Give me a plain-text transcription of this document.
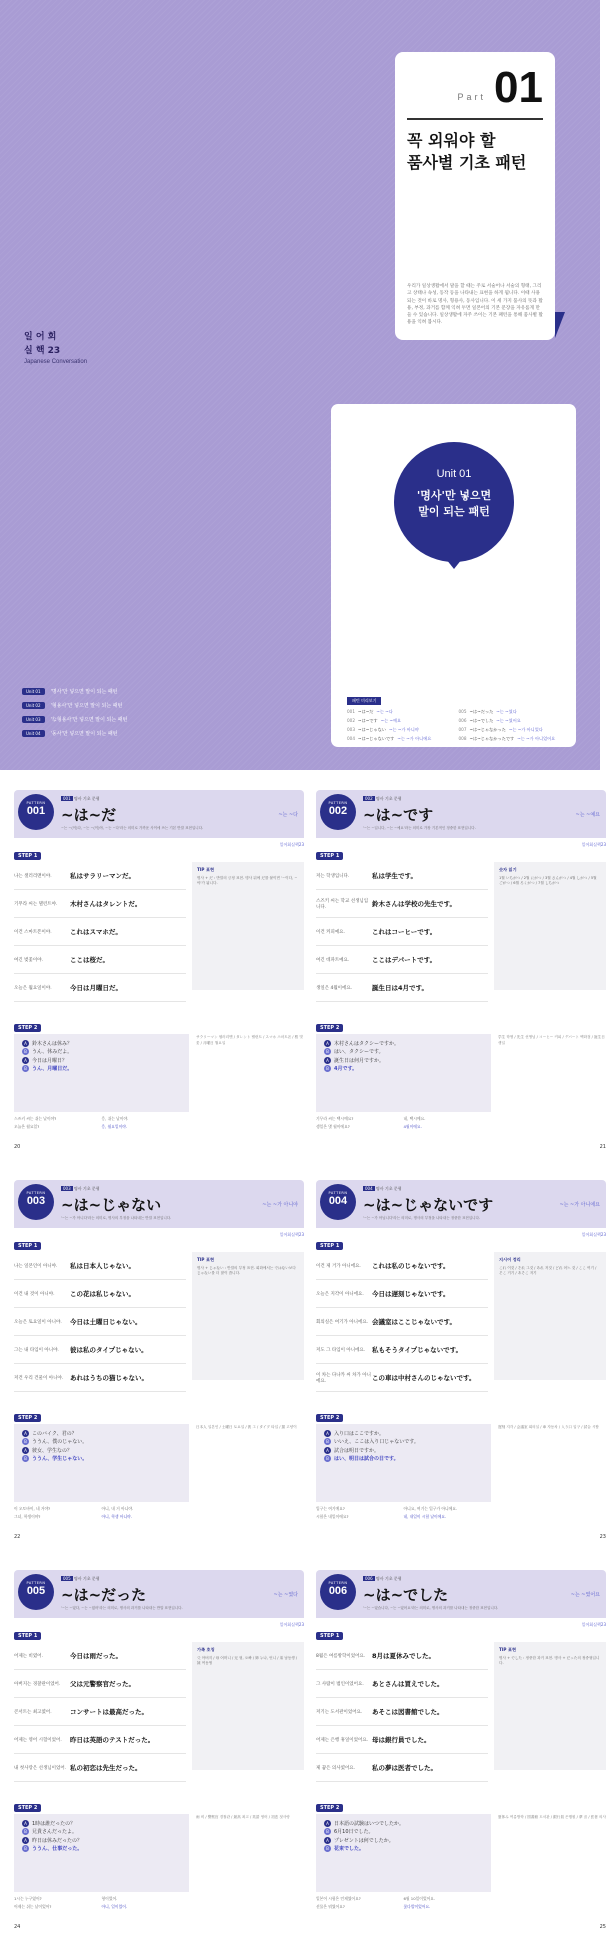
Part 01
꼭 외워야 할
품사별 기초 패턴
우리가 일상생활에서 말을 할 때는 주로 서술어나 서술의 형태, 그리고 상태나 속성, 동작 등을 나타내는 표현을 하게 됩니다. 이때 사용되는 것이 바로 명사, 형용사, 동사입니다. 이 세 가지 품사의 뜻과 활용, 부정, 과거를 함께 익혀 두면 일본어의 기본 문장을 자유롭게 만들 수 있습니다. 일상생활에 자주 쓰이는 기본 패턴을 통해 품사별 활용을 익혀 봅시다.
일 어 회
실 핵 23
Japanese Conversation
Unit 01	'명사'만 넣으면 말이 되는 패턴
Unit 02	'형용사'만 넣으면 말이 되는 패턴
Unit 03	'な형용사'만 넣으면 말이 되는 패턴
Unit 04	'동사'만 넣으면 말이 되는 패턴
Unit 01
'명사'만 넣으면
말이 되는 패턴
패턴 미리보기
001 ~は~だ ~는 ~다	005 ~は~だった ~는 ~였다
002 ~は~です ~는 ~예요	006 ~は~でした ~는 ~였어요
003 ~は~じゃない ~는 ~가 아니야	007 ~は~じゃなかった ~는 ~가 아니었다
004 ~は~じゃないです ~는 ~가 아니에요	008 ~は~じゃなかったです ~는 ~가 아니었어요
PATTERN
001
001 명사 기초 문형
~は~だ	~는 ~다
~는 ~(이)다, ~는 ~(이)야, ~는 ~다'라는 의미로 가까운 사이에 쓰는 기본 반말 표현입니다.
일어회실핵23
STEP 1
나는 샐러리맨이야.	私はサラリーマンだ。
기무라 씨는 탤런트야.	木村さんはタレントだ。
이건 스마트폰이야.	これはスマホだ。
여긴 벚꽃이야.	ここは桜だ。
오늘은 월요일이야.	今日は月曜日だ。
TIP 표현
명사 + だ : 반말의 긍정 표현. 명사 뒤에 だ를 붙이면 '~이다, ~야'가 됩니다.
STEP 2
A 鈴木さんは休み？
B うん、休みだよ。
A 今日は月曜日？
B うん、月曜日だ。
サラリーマン 샐러리맨 / タレント 탤런트 / スマホ 스마트폰 / 桜 벚꽃 / 月曜日 월요일
스즈키 씨는 쉬는 날이야?	응, 쉬는 날이야.
오늘은 월요일?	응, 월요일이야.
20
PATTERN
002
002 명사 기초 문형
~は~です	~는 ~예요
'~는 ~입니다, ~는 ~예요'라는 의미로 가장 기본적인 정중한 표현입니다.
일어회실핵23
STEP 1
저는 학생입니다.	私は学生です。
스즈키 씨는 학교 선생님입니다.	鈴木さんは学校の先生です。
이건 커피예요.	これはコーヒーです。
여긴 데파트예요.	ここはデパートです。
생일은 4월이에요.	誕生日は4月です。
숫자 읽기
1월 いちがつ / 2월 にがつ / 3월 さんがつ / 4월 しがつ / 5월 ごがつ / 6월 ろくがつ / 7월 しちがつ
STEP 2
A 木村さんはタクシーですか。
B はい、タクシーです。
A 誕生日は何月ですか。
B 4月です。
学生 학생 / 先生 선생님 / コーヒー 커피 / デパート 백화점 / 誕生日 생일
기무라 씨는 택시예요?	네, 택시예요.
생일은 몇 월이에요?	4월이에요.
21
PATTERN
003
003 명사 기초 문형
~は~じゃない	~는 ~가 아니야
'~는 ~가 아니다'라는 의미로, 명사의 부정을 나타내는 반말 표현입니다.
일어회실핵23
STEP 1
나는 일본인이 아니야.	私は日本人じゃない。
이건 내 것이 아니야.	この花は私じゃない。
오늘은 토요일이 아니야.	今日は土曜日じゃない。
그는 내 타입이 아니야.	彼は私のタイプじゃない。
저건 우리 건물이 아니야.	あれはうちの猫じゃない。
TIP 표현
명사 + じゃない : 반말의 부정 표현. 회화에서는 ではない보다 じゃない를 더 많이 씁니다.
STEP 2
A このバイク、君の？
B ううん、僕のじゃない。
A 彼女、学生なの？
B ううん、学生じゃない。
日本人 일본인 / 土曜日 토요일 / 彼 그 / タイプ 타입 / 猫 고양이
이 오토바이, 네 거야?	아니, 내 거 아니야.
그녀, 학생이야?	아니, 학생 아니야.
22
PATTERN
004
004 명사 기초 문형
~は~じゃないです	~는 ~가 아니에요
'~는 ~가 아닙니다'라는 의미로, 명사의 부정을 나타내는 정중한 표현입니다.
일어회실핵23
STEP 1
이건 제 거가 아니에요.	これは私のじゃないです。
오늘은 지각이 아니에요.	今日は遅刻じゃないです。
회의실은 여기가 아니에요. 会議室はここじゃないです。
저도 그 타입이 아니에요.	私もそうタイプじゃないです。
이 차는 다나카 씨 차가 아니에요.	この車は中村さんのじゃないです。
지시어 정리
これ 이것 / それ 그것 / あれ 저것 / どれ 어느 것 / ここ 여기 / そこ 거기 / あそこ 저기
STEP 2
A 入り口はここですか。
B いいえ、ここは入り口じゃないです。
A 試合は明日ですか。
B はい、明日は試合の日です。
遅刻 지각 / 会議室 회의실 / 車 자동차 / 入り口 입구 / 試合 시합
입구는 여기예요?	아니요, 여기는 입구가 아니에요.
시합은 내일이에요?	네, 내일이 시합 날이에요.
23
PATTERN
005
005 명사 기초 문형
~は~だった	~는 ~였다
'~는 ~였다, ~는 ~였어'라는 의미로, 명사의 과거를 나타내는 반말 표현입니다.
일어회실핵23
STEP 1
어제는 비였어.	今日は雨だった。
아버지는 경찰관이었어.	父は元警察官だった。
콘서트는 최고였어.	コンサートは最高だった。
어제는 영어 시험이었어.	昨日は英語のテストだった。
내 첫사랑은 선생님이었어. 私の初恋は先生だった。
가족 호칭
父 아버지 / 母 어머니 / 兄 형, 오빠 / 姉 누나, 언니 / 弟 남동생 / 妹 여동생
STEP 2
A 1時は誰だったの？
B 兄貴さんだったよ。
A 昨日は休みだったの？
B ううん、仕事だった。
雨 비 / 警察官 경찰관 / 最高 최고 / 英語 영어 / 初恋 첫사랑
1시는 누구였어?	형이었어.
어제는 쉬는 날이었어?	아니, 일이었어.
24
PATTERN
006
006 명사 기초 문형
~は~でした	~는 ~였어요
'~는 ~였습니다, ~는 ~였어요'라는 의미로, 명사의 과거를 나타내는 정중한 표현입니다.
일어회실핵23
STEP 1
8월은 여름방학이었어요.	8月は夏休みでした。
그 사람이 범인이었어요.	あとさんは買えでした。
저기는 도서관이었어요.	あそこは図書館でした。
어제는 은행 휴일이었어요. 母は銀行員でした。
제 꿈은 의사였어요.	私の夢は医者でした。
TIP 표현
명사 + でした : 정중한 과거 표현. 명사 + だった의 정중형입니다.
STEP 2
A 日本語の試験はいつでしたか。
B 6月10日でした。
A プレゼントは何でしたか。
B 花束でした。
夏休み 여름방학 / 図書館 도서관 / 銀行員 은행원 / 夢 꿈 / 医者 의사
일본어 시험은 언제였어요?	6월 10일이었어요.
선물은 뭐였어요?	꽃다발이었어요.
25
